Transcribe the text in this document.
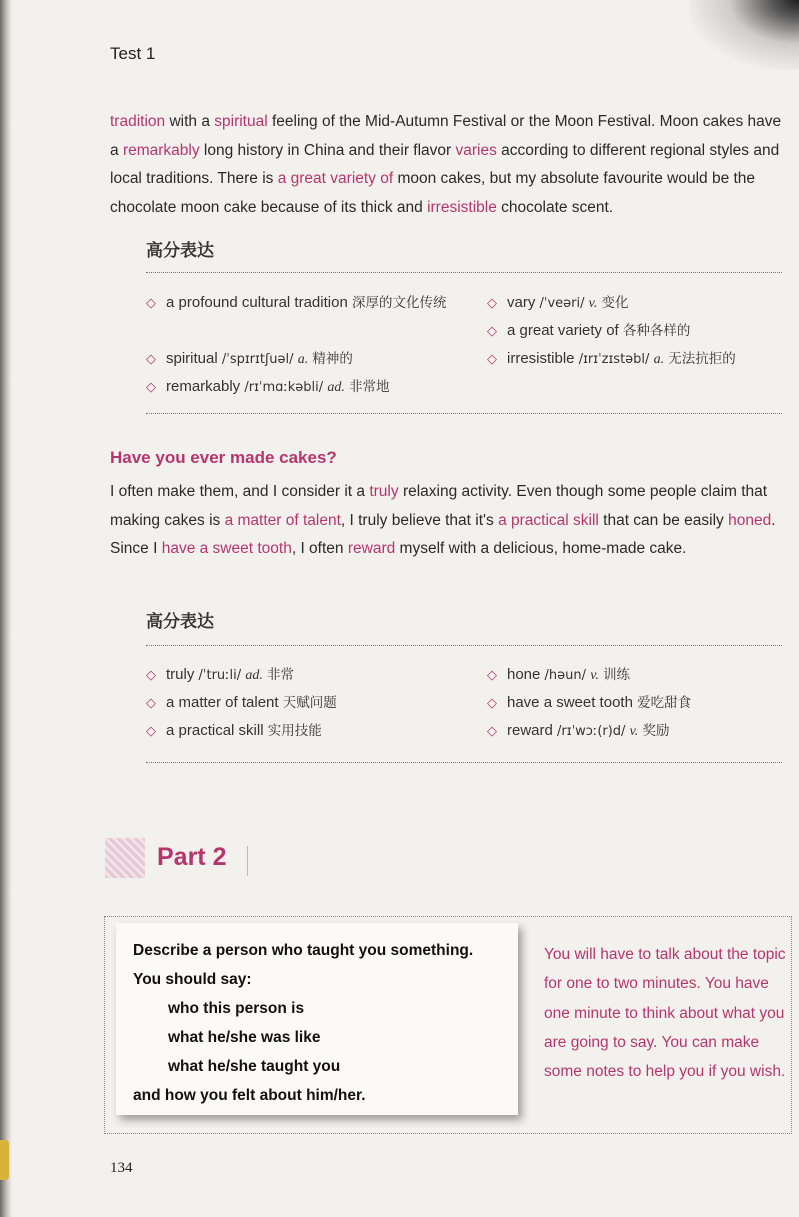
Test 1

tradition with a spiritual feeling of the Mid-Autumn Festival or the Moon Festival. Moon cakes have a remarkably long history in China and their flavor varies according to different regional styles and local traditions. There is a great variety of moon cakes, but my absolute favourite would be the chocolate moon cake because of its thick and irresistible chocolate scent.

高分表达
◇ a profound cultural tradition 深厚的文化传统
◇ spiritual /ˈspɪrɪtʃuəl/ a. 精神的
◇ remarkably /rɪˈmɑːkəbli/ ad. 非常地
◇ vary /ˈveəri/ v. 变化
◇ a great variety of 各种各样的
◇ irresistible /ɪrɪˈzɪstəbl/ a. 无法抗拒的
Have you ever made cakes?

I often make them, and I consider it a truly relaxing activity. Even though some people claim that making cakes is a matter of talent, I truly believe that it's a practical skill that can be easily honed. Since I have a sweet tooth, I often reward myself with a delicious, home-made cake.

高分表达
◇ truly /ˈtruːli/ ad. 非常
◇ a matter of talent 天赋问题
◇ a practical skill 实用技能
◇ hone /həun/ v. 训练
◇ have a sweet tooth 爱吃甜食
◇ reward /rɪˈwɔː(r)d/ v. 奖励
Part 2
Describe a person who taught you something.
You should say:
who this person is
what he/she was like
what he/she taught you
and how you felt about him/her.

You will have to talk about the topic for one to two minutes. You have one minute to think about what you are going to say. You can make some notes to help you if you wish.

134
